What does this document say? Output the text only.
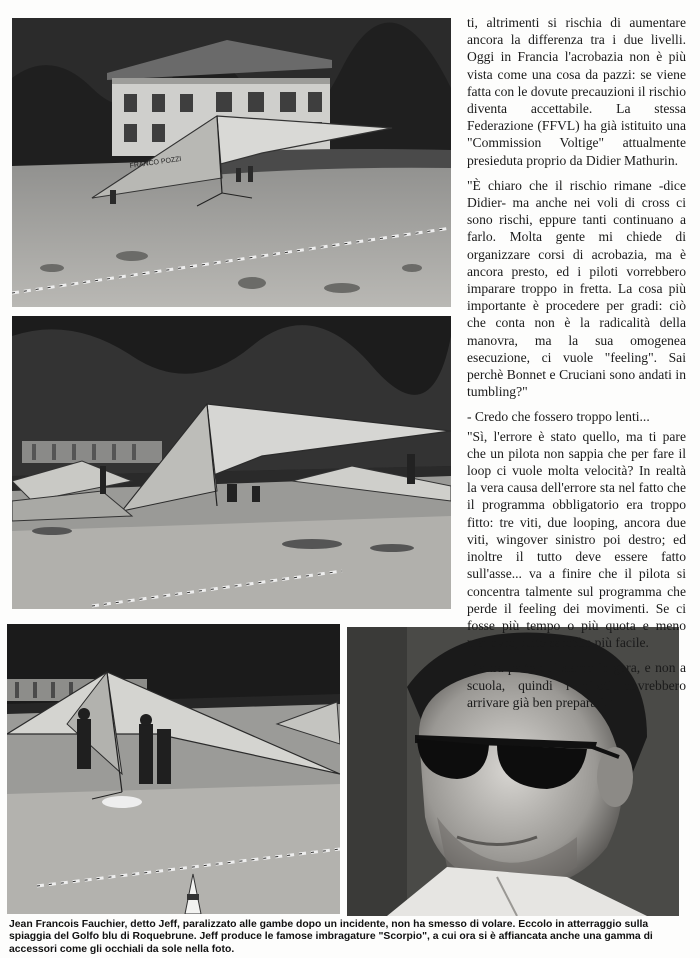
FRANCO POZZI

ti, altrimenti si rischia di aumentare ancora la differenza tra i due livelli. Oggi in Francia l'acrobazia non è più vista come una cosa da pazzi: se viene fatta con le dovute precauzioni il rischio diventa accettabile. La stessa Federazione (FFVL) ha già istituito una "Commission Voltige" attualmente presieduta proprio da Didier Mathurin.

"È chiaro che il rischio rimane -dice Didier- ma anche nei voli di cross ci sono rischi, eppure tanti continuano a farlo. Molta gente mi chiede di organizzare corsi di acrobazia, ma è ancora presto, ed i piloti vorrebbero imparare troppo in fretta. La cosa più importante è procedere per gradi: ciò che conta non è la radicalità della manovra, ma la sua omogenea esecuzione, ci vuole "feeling". Sai perchè Bonnet e Cruciani sono andati in tumbling?"

- Credo che fossero troppo lenti...

"Sì, l'errore è stato quello, ma ti pare che un pilota non sappia che per fare il loop ci vuole molta velocità? In realtà la vera causa dell'errore sta nel fatto che il programma obbligatorio era troppo fitto: tre viti, due looping, ancora due viti, wingover sinistro poi destro; ed inoltre il tutto deve essere fatto sull'asse... va a finire che il pilota si concentra talmente sul programma che perde il feeling dei movimenti. Se ci fosse più tempo o più quota e meno manovre, tutto sarebbe più facile.

D'altra parte qui siamo in gara, e non a scuola, quindi i piloti dovrebbero arrivare già ben preparati."

Jean Francois Fauchier, detto Jeff, paralizzato alle gambe dopo un incidente, non ha smesso di volare. Eccolo in atterraggio sulla spiaggia del Golfo blu di Roquebrune. Jeff produce le famose imbragature "Scorpio", a cui ora si è affiancata anche una gamma di accessori come gli occhiali da sole nella foto.
